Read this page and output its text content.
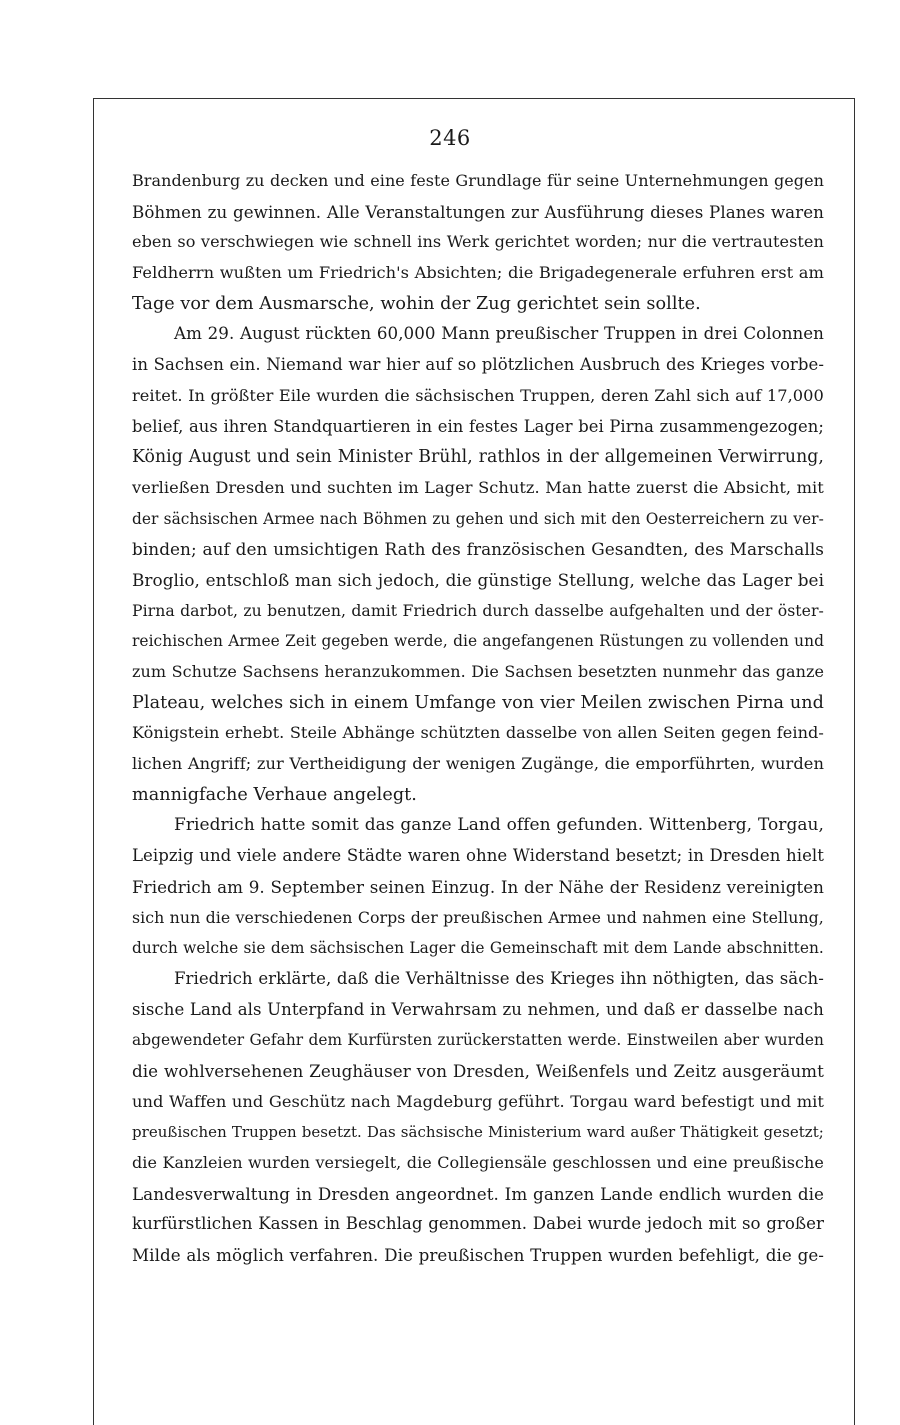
246
Brandenburg zu decken und eine feste Grundlage für seine Unternehmungen gegen
Böhmen zu gewinnen. Alle Veranstaltungen zur Ausführung dieses Planes waren
eben so verschwiegen wie schnell ins Werk gerichtet worden; nur die vertrautesten
Feldherrn wußten um Friedrich's Absichten; die Brigadegenerale erfuhren erst am
Tage vor dem Ausmarsche, wohin der Zug gerichtet sein sollte.
Am 29. August rückten 60,000 Mann preußischer Truppen in drei Colonnen
in Sachsen ein. Niemand war hier auf so plötzlichen Ausbruch des Krieges vorbe-
reitet. In größter Eile wurden die sächsischen Truppen, deren Zahl sich auf 17,000
belief, aus ihren Standquartieren in ein festes Lager bei Pirna zusammengezogen;
König August und sein Minister Brühl, rathlos in der allgemeinen Verwirrung,
verließen Dresden und suchten im Lager Schutz. Man hatte zuerst die Absicht, mit
der sächsischen Armee nach Böhmen zu gehen und sich mit den Oesterreichern zu ver-
binden; auf den umsichtigen Rath des französischen Gesandten, des Marschalls
Broglio, entschloß man sich jedoch, die günstige Stellung, welche das Lager bei
Pirna darbot, zu benutzen, damit Friedrich durch dasselbe aufgehalten und der öster-
reichischen Armee Zeit gegeben werde, die angefangenen Rüstungen zu vollenden und
zum Schutze Sachsens heranzukommen. Die Sachsen besetzten nunmehr das ganze
Plateau, welches sich in einem Umfange von vier Meilen zwischen Pirna und
Königstein erhebt. Steile Abhänge schützten dasselbe von allen Seiten gegen feind-
lichen Angriff; zur Vertheidigung der wenigen Zugänge, die emporführten, wurden
mannigfache Verhaue angelegt.
Friedrich hatte somit das ganze Land offen gefunden. Wittenberg, Torgau,
Leipzig und viele andere Städte waren ohne Widerstand besetzt; in Dresden hielt
Friedrich am 9. September seinen Einzug. In der Nähe der Residenz vereinigten
sich nun die verschiedenen Corps der preußischen Armee und nahmen eine Stellung,
durch welche sie dem sächsischen Lager die Gemeinschaft mit dem Lande abschnitten.
Friedrich erklärte, daß die Verhältnisse des Krieges ihn nöthigten, das säch-
sische Land als Unterpfand in Verwahrsam zu nehmen, und daß er dasselbe nach
abgewendeter Gefahr dem Kurfürsten zurückerstatten werde. Einstweilen aber wurden
die wohlversehenen Zeughäuser von Dresden, Weißenfels und Zeitz ausgeräumt
und Waffen und Geschütz nach Magdeburg geführt. Torgau ward befestigt und mit
preußischen Truppen besetzt. Das sächsische Ministerium ward außer Thätigkeit gesetzt;
die Kanzleien wurden versiegelt, die Collegiensäle geschlossen und eine preußische
Landesverwaltung in Dresden angeordnet. Im ganzen Lande endlich wurden die
kurfürstlichen Kassen in Beschlag genommen. Dabei wurde jedoch mit so großer
Milde als möglich verfahren. Die preußischen Truppen wurden befehligt, die ge-
